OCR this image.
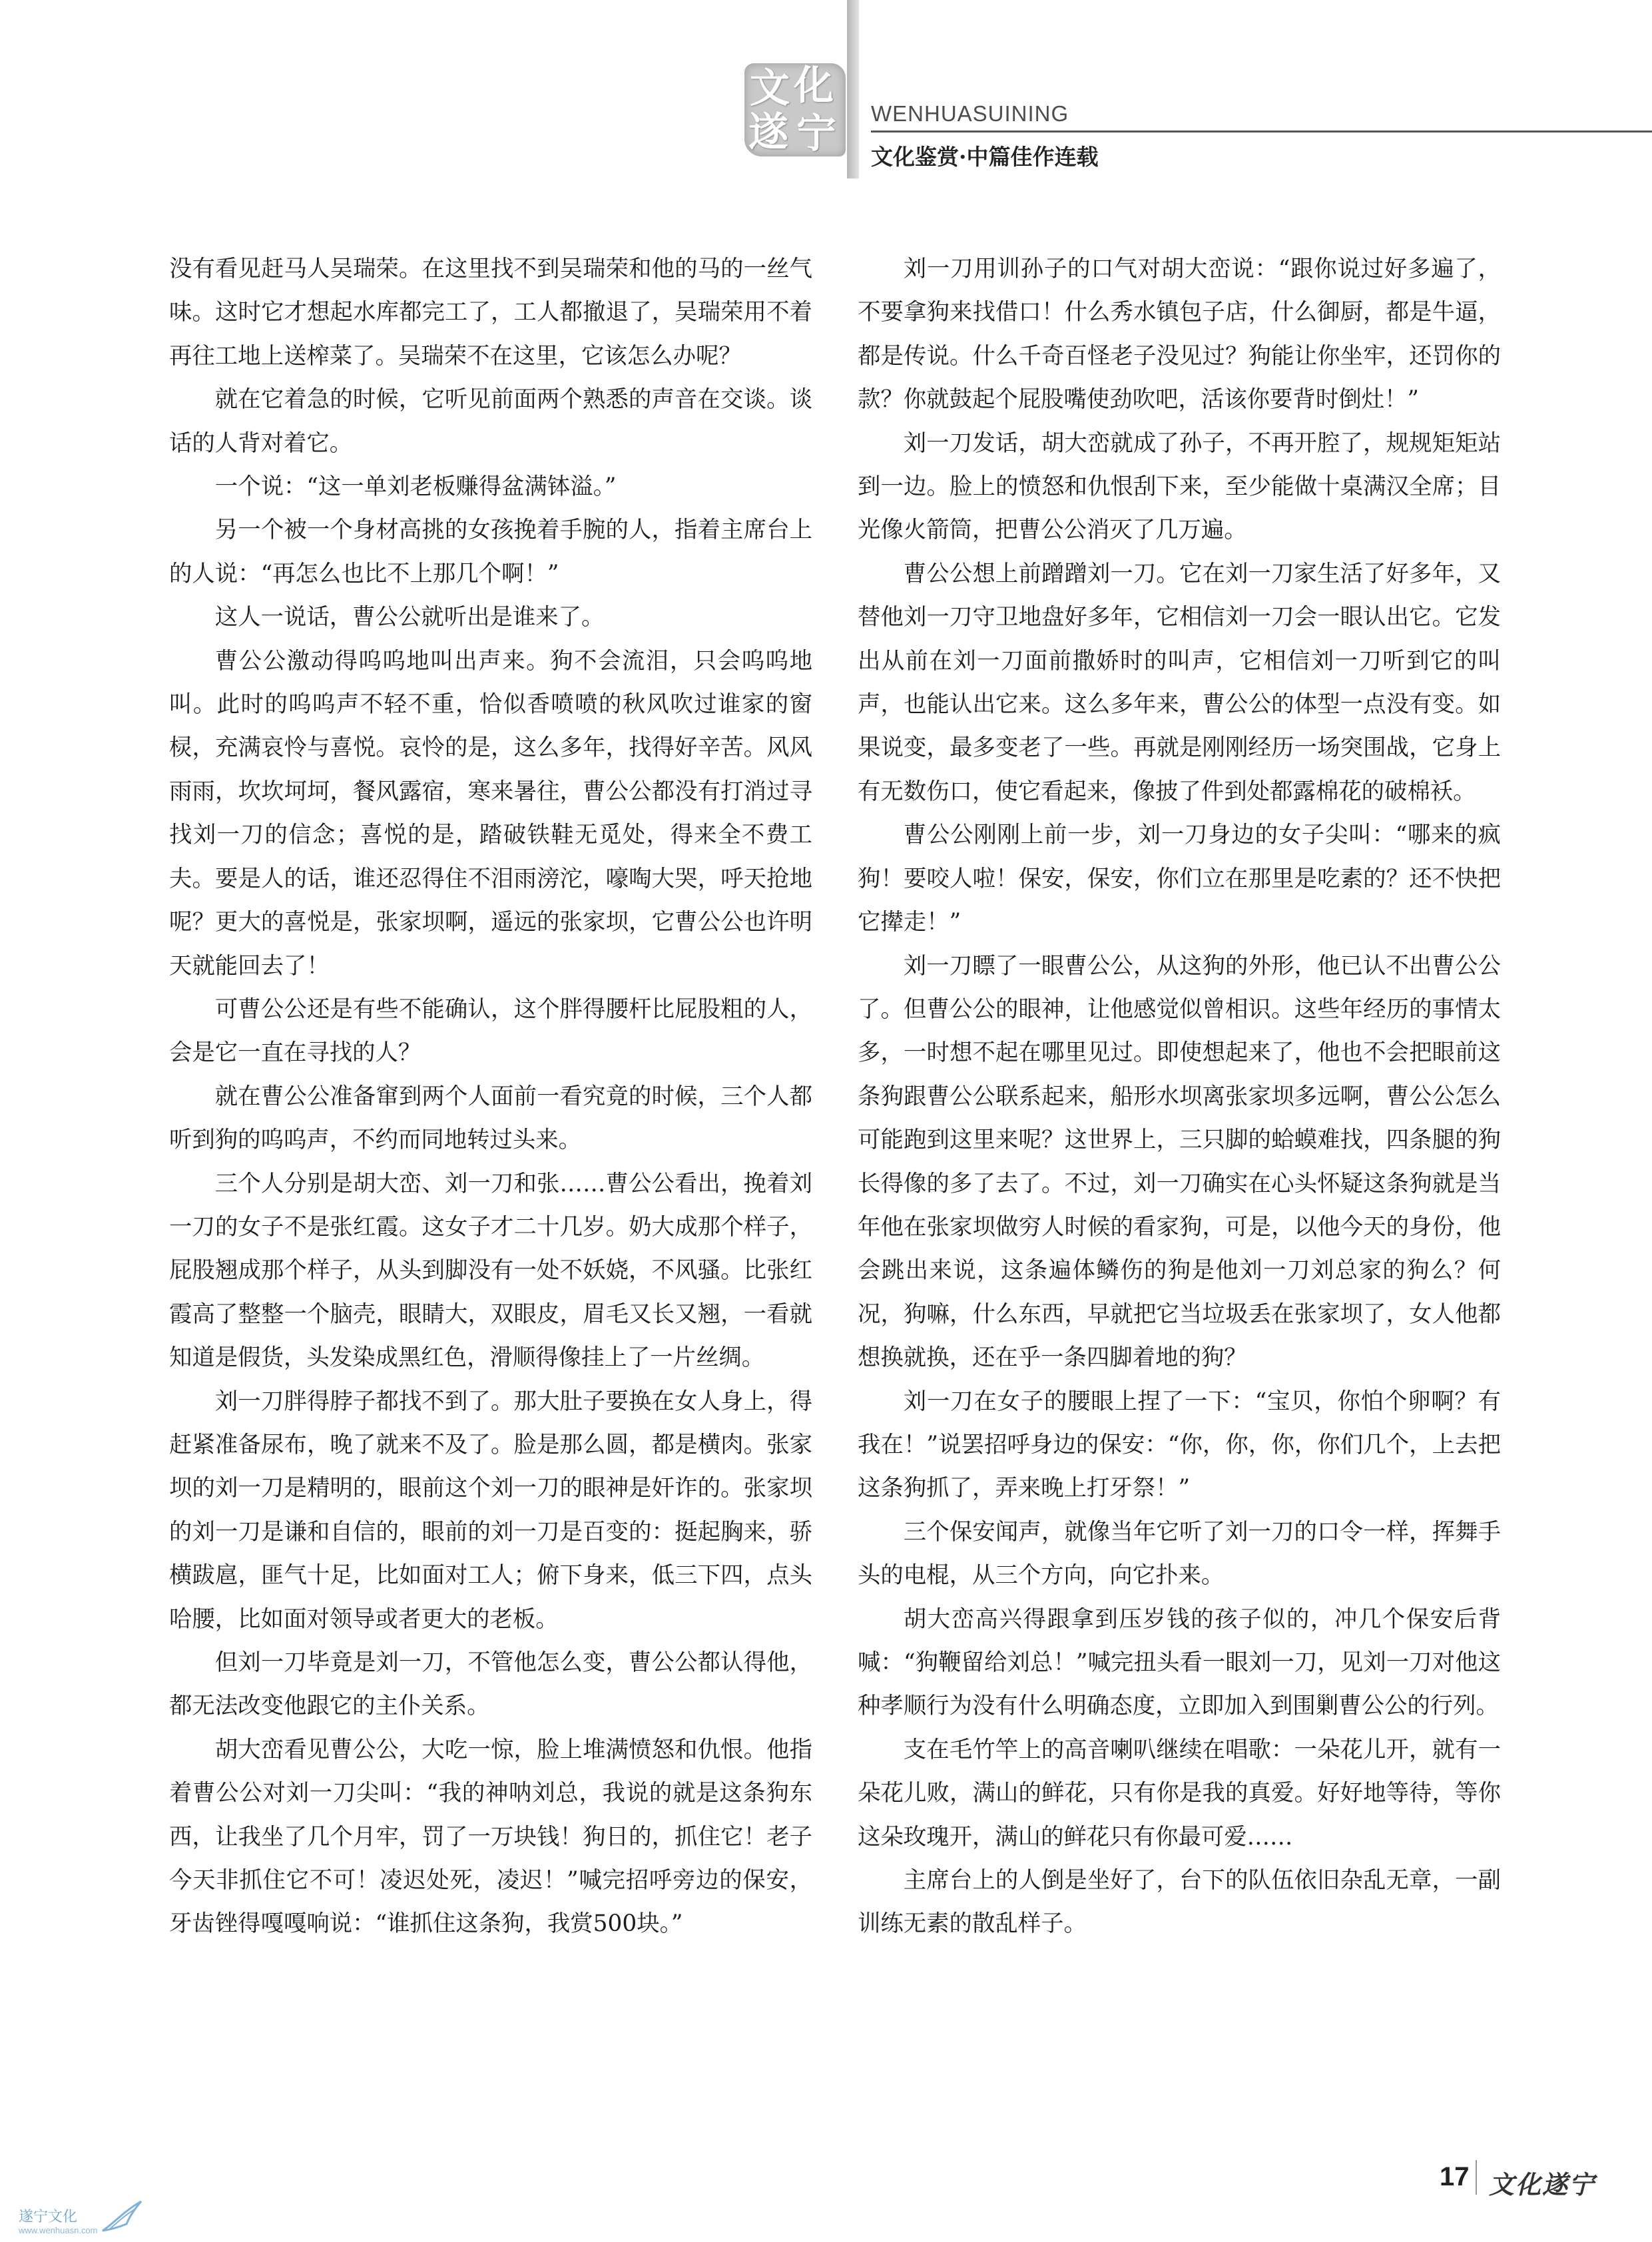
文 化
遂 宁 WENHUASUINING
文化鉴赏·中篇佳作连载

没有看见赶马人吴瑞荣。在这里找不到吴瑞荣和他的马的一丝气味。这时它才想起水库都完工了，工人都撤退了，吴瑞荣用不着再往工地上送榨菜了。吴瑞荣不在这里，它该怎么办呢？

就在它着急的时候，它听见前面两个熟悉的声音在交谈。谈话的人背对着它。

一个说：“这一单刘老板赚得盆满钵溢。”

另一个被一个身材高挑的女孩挽着手腕的人，指着主席台上的人说：“再怎么也比不上那几个啊！”

这人一说话，曹公公就听出是谁来了。

曹公公激动得呜呜地叫出声来。狗不会流泪，只会呜呜地叫。此时的呜呜声不轻不重，恰似香喷喷的秋风吹过谁家的窗棂，充满哀怜与喜悦。哀怜的是，这么多年，找得好辛苦。风风雨雨，坎坎坷坷，餐风露宿，寒来暑往，曹公公都没有打消过寻找刘一刀的信念；喜悦的是，踏破铁鞋无觅处，得来全不费工夫。要是人的话，谁还忍得住不泪雨滂沱，嚎啕大哭，呼天抢地呢？更大的喜悦是，张家坝啊，遥远的张家坝，它曹公公也许明天就能回去了！

可曹公公还是有些不能确认，这个胖得腰杆比屁股粗的人，会是它一直在寻找的人？

就在曹公公准备窜到两个人面前一看究竟的时候，三个人都听到狗的呜呜声，不约而同地转过头来。

三个人分别是胡大峦、刘一刀和张……曹公公看出，挽着刘一刀的女子不是张红霞。这女子才二十几岁。奶大成那个样子，屁股翘成那个样子，从头到脚没有一处不妖娆，不风骚。比张红霞高了整整一个脑壳，眼睛大，双眼皮，眉毛又长又翘，一看就知道是假货，头发染成黑红色，滑顺得像挂上了一片丝绸。

刘一刀胖得脖子都找不到了。那大肚子要换在女人身上，得赶紧准备尿布，晚了就来不及了。脸是那么圆，都是横肉。张家坝的刘一刀是精明的，眼前这个刘一刀的眼神是奸诈的。张家坝的刘一刀是谦和自信的，眼前的刘一刀是百变的：挺起胸来，骄横跋扈，匪气十足，比如面对工人；俯下身来，低三下四，点头哈腰，比如面对领导或者更大的老板。

但刘一刀毕竟是刘一刀，不管他怎么变，曹公公都认得他，都无法改变他跟它的主仆关系。

胡大峦看见曹公公，大吃一惊，脸上堆满愤怒和仇恨。他指着曹公公对刘一刀尖叫：“我的神呐刘总，我说的就是这条狗东西，让我坐了几个月牢，罚了一万块钱！狗日的，抓住它！老子今天非抓住它不可！凌迟处死，凌迟！”喊完招呼旁边的保安，牙齿锉得嘎嘎响说：“谁抓住这条狗，我赏500块。”

刘一刀用训孙子的口气对胡大峦说：“跟你说过好多遍了，不要拿狗来找借口！什么秀水镇包子店，什么御厨，都是牛逼，都是传说。什么千奇百怪老子没见过？狗能让你坐牢，还罚你的款？你就鼓起个屁股嘴使劲吹吧，活该你要背时倒灶！”

刘一刀发话，胡大峦就成了孙子，不再开腔了，规规矩矩站到一边。脸上的愤怒和仇恨刮下来，至少能做十桌满汉全席；目光像火箭筒，把曹公公消灭了几万遍。

曹公公想上前蹭蹭刘一刀。它在刘一刀家生活了好多年，又替他刘一刀守卫地盘好多年，它相信刘一刀会一眼认出它。它发出从前在刘一刀面前撒娇时的叫声，它相信刘一刀听到它的叫声，也能认出它来。这么多年来，曹公公的体型一点没有变。如果说变，最多变老了一些。再就是刚刚经历一场突围战，它身上有无数伤口，使它看起来，像披了件到处都露棉花的破棉袄。

曹公公刚刚上前一步，刘一刀身边的女子尖叫：“哪来的疯狗！要咬人啦！保安，保安，你们立在那里是吃素的？还不快把它撵走！”

刘一刀瞟了一眼曹公公，从这狗的外形，他已认不出曹公公了。但曹公公的眼神，让他感觉似曾相识。这些年经历的事情太多，一时想不起在哪里见过。即使想起来了，他也不会把眼前这条狗跟曹公公联系起来，船形水坝离张家坝多远啊，曹公公怎么可能跑到这里来呢？这世界上，三只脚的蛤蟆难找，四条腿的狗长得像的多了去了。不过，刘一刀确实在心头怀疑这条狗就是当年他在张家坝做穷人时候的看家狗，可是，以他今天的身份，他会跳出来说，这条遍体鳞伤的狗是他刘一刀刘总家的狗么？何况，狗嘛，什么东西，早就把它当垃圾丢在张家坝了，女人他都想换就换，还在乎一条四脚着地的狗？

刘一刀在女子的腰眼上捏了一下：“宝贝，你怕个卵啊？有我在！”说罢招呼身边的保安：“你，你，你，你们几个，上去把这条狗抓了，弄来晚上打牙祭！”

三个保安闻声，就像当年它听了刘一刀的口令一样，挥舞手头的电棍，从三个方向，向它扑来。

胡大峦高兴得跟拿到压岁钱的孩子似的，冲几个保安后背喊：“狗鞭留给刘总！”喊完扭头看一眼刘一刀，见刘一刀对他这种孝顺行为没有什么明确态度，立即加入到围剿曹公公的行列。

支在毛竹竿上的高音喇叭继续在唱歌：一朵花儿开，就有一朵花儿败，满山的鲜花，只有你是我的真爱。好好地等待，等你这朵玫瑰开，满山的鲜花只有你最可爱……

主席台上的人倒是坐好了，台下的队伍依旧杂乱无章，一副训练无素的散乱样子。

17 文化遂宁
遂宁文化
www.wenhuasn.com
